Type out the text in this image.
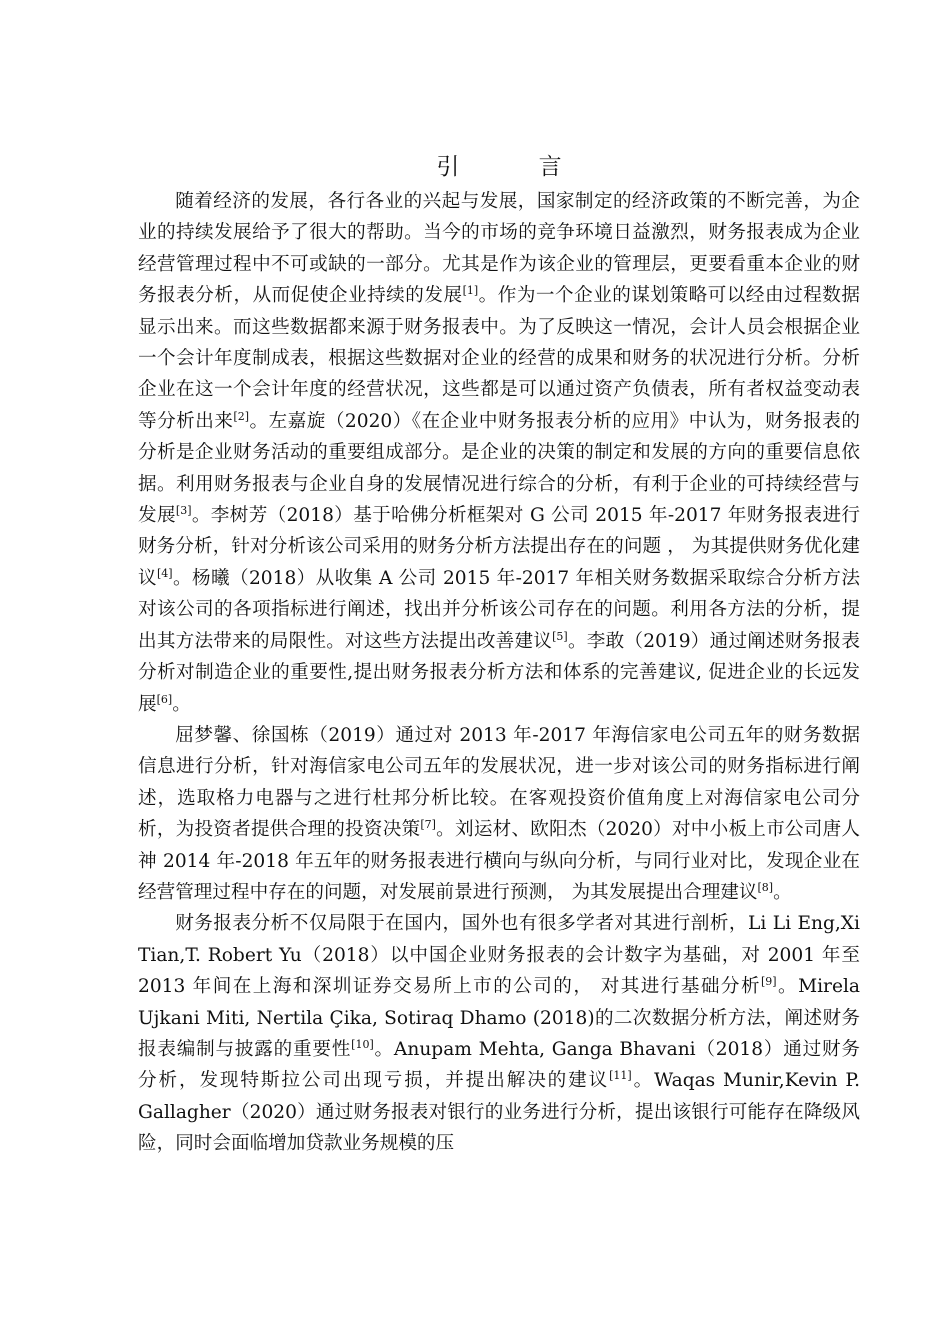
引 言

随着经济的发展，各行各业的兴起与发展，国家制定的经济政策的不断完善，为企业的持续发展给予了很大的帮助。当今的市场的竞争环境日益激烈，财务报表成为企业经营管理过程中不可或缺的一部分。尤其是作为该企业的管理层，更要看重本企业的财务报表分析，从而促使企业持续的发展[1]。作为一个企业的谋划策略可以经由过程数据显示出来。而这些数据都来源于财务报表中。为了反映这一情况，会计人员会根据企业一个会计年度制成表，根据这些数据对企业的经营的成果和财务的状况进行分析。分析企业在这一个会计年度的经营状况，这些都是可以通过资产负债表，所有者权益变动表等分析出来[2]。左嘉旋（2020）《在企业中财务报表分析的应用》中认为，财务报表的分析是企业财务活动的重要组成部分。是企业的决策的制定和发展的方向的重要信息依据。利用财务报表与企业自身的发展情况进行综合的分析，有利于企业的可持续经营与发展[3]。李树芳（2018）基于哈佛分析框架对 G 公司 2015 年-2017 年财务报表进行财务分析，针对分析该公司采用的财务分析方法提出存在的问题 ， 为其提供财务优化建议[4]。杨曦（2018）从收集 A 公司 2015 年-2017 年相关财务数据采取综合分析方法对该公司的各项指标进行阐述，找出并分析该公司存在的问题。利用各方法的分析，提出其方法带来的局限性。对这些方法提出改善建议[5]。李敢（2019）通过阐述财务报表分析对制造企业的重要性,提出财务报表分析方法和体系的完善建议, 促进企业的长远发展[6]。

屈梦馨、徐国栋（2019）通过对 2013 年-2017 年海信家电公司五年的财务数据信息进行分析，针对海信家电公司五年的发展状况，进一步对该公司的财务指标进行阐述，选取格力电器与之进行杜邦分析比较。在客观投资价值角度上对海信家电公司分析，为投资者提供合理的投资决策[7]。刘运材、欧阳杰（2020）对中小板上市公司唐人神 2014 年-2018 年五年的财务报表进行横向与纵向分析，与同行业对比，发现企业在经营管理过程中存在的问题，对发展前景进行预测， 为其发展提出合理建议[8]。

财务报表分析不仅局限于在国内，国外也有很多学者对其进行剖析，Li Li Eng,Xi Tian,T. Robert Yu（2018）以中国企业财务报表的会计数字为基础，对 2001 年至 2013 年间在上海和深圳证券交易所上市的公司的， 对其进行基础分析[9]。Mirela Ujkani Miti, Nertila Çika, Sotiraq Dhamo (2018)的二次数据分析方法，阐述财务报表编制与披露的重要性[10]。Anupam Mehta, Ganga Bhavani（2018）通过财务分析，发现特斯拉公司出现亏损，并提出解决的建议[11]。Waqas Munir,Kevin P. Gallagher（2020）通过财务报表对银行的业务进行分析，提出该银行可能存在降级风险，同时会面临增加贷款业务规模的压
